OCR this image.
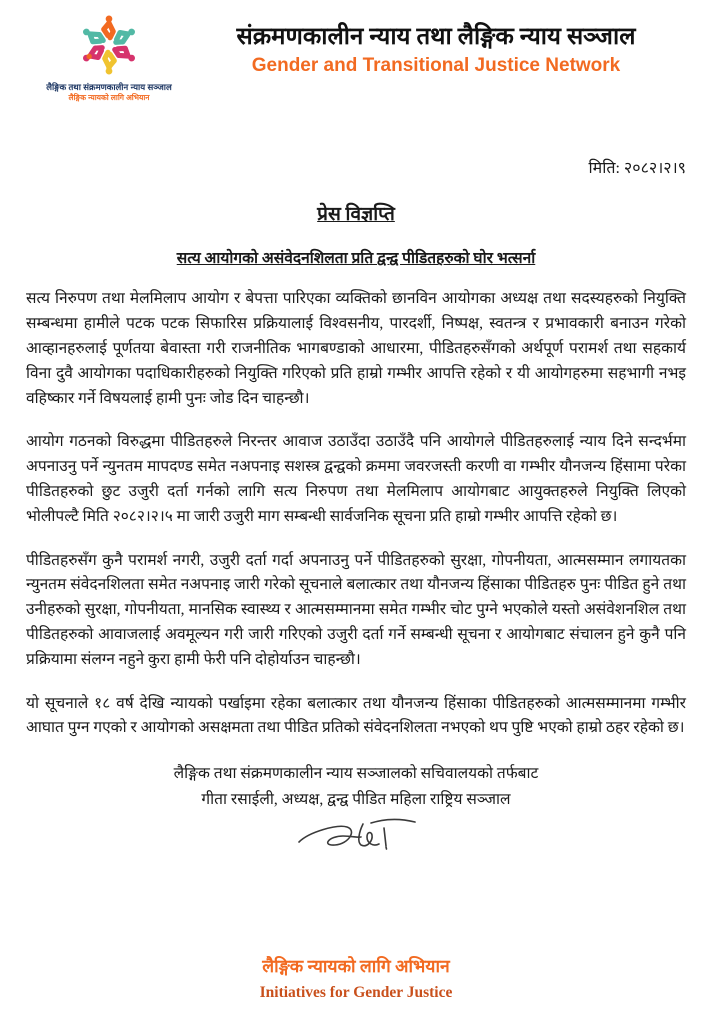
लैङ्गिक तथा संक्रमणकालीन न्याय सञ्जाल
लैङ्गिक न्यायको लागि अभियान
संक्रमणकालीन न्याय तथा लैङ्गिक न्याय सञ्जाल
Gender and Transitional Justice Network
मिति: २०८२।२।९
प्रेस विज्ञप्ति
सत्य आयोगको असंवेदनशिलता प्रति द्वन्द्व पीडितहरुको घोर भत्सर्ना

सत्य निरुपण तथा मेलमिलाप आयोग र बेपत्ता पारिएका व्यक्तिको छानविन आयोगका अध्यक्ष तथा सदस्यहरुको नियुक्ति सम्बन्धमा हामीले पटक पटक सिफारिस प्रक्रियालाई विश्वसनीय, पारदर्शी, निष्पक्ष, स्वतन्त्र र प्रभावकारी बनाउन गरेको आव्हानहरुलाई पूर्णतया बेवास्ता गरी राजनीतिक भागबण्डाको आधारमा, पीडितहरुसँगको अर्थपूर्ण परामर्श तथा सहकार्य विना दुवै आयोगका पदाधिकारीहरुको नियुक्ति गरिएको प्रति हाम्रो गम्भीर आपत्ति रहेको र यी आयोगहरुमा सहभागी नभइ वहिष्कार गर्ने विषयलाई हामी पुनः जोड दिन चाहन्छौ।

आयोग गठनको विरुद्धमा पीडितहरुले निरन्तर आवाज उठाउँदा उठाउँदै पनि आयोगले पीडितहरुलाई न्याय दिने सन्दर्भमा अपनाउनु पर्ने न्युनतम मापदण्ड समेत नअपनाइ सशस्त्र द्वन्द्वको क्रममा जवरजस्ती करणी वा गम्भीर यौनजन्य हिंसामा परेका पीडितहरुको छुट उजुरी दर्ता गर्नको लागि सत्य निरुपण तथा मेलमिलाप आयोगबाट आयुक्तहरुले नियुक्ति लिएको भोलीपल्टै मिति २०८२।२।५ मा जारी उजुरी माग सम्बन्धी सार्वजनिक सूचना प्रति हाम्रो गम्भीर आपत्ति रहेको छ।

पीडितहरुसँग कुनै परामर्श नगरी, उजुरी दर्ता गर्दा अपनाउनु पर्ने पीडितहरुको सुरक्षा, गोपनीयता, आत्मसम्मान लगायतका न्युनतम संवेदनशिलता समेत नअपनाइ जारी गरेको सूचनाले बलात्कार तथा यौनजन्य हिंसाका पीडितहरु पुनः पीडित हुने तथा उनीहरुको सुरक्षा, गोपनीयता, मानसिक स्वास्थ्य र आत्मसम्मानमा समेत गम्भीर चोट पुग्ने भएकोले यस्तो असंवेशनशिल तथा पीडितहरुको आवाजलाई अवमूल्यन गरी जारी गरिएको उजुरी दर्ता गर्ने सम्बन्धी सूचना र आयोगबाट संचालन हुने कुनै पनि प्रक्रियामा संलग्न नहुने कुरा हामी फेरी पनि दोहोर्याउन चाहन्छौ।

यो सूचनाले १८ वर्ष देखि न्यायको पर्खाइमा रहेका बलात्कार तथा यौनजन्य हिंसाका पीडितहरुको आत्मसम्मानमा गम्भीर आघात पुग्न गएको र आयोगको असक्षमता तथा पीडित प्रतिको संवेदनशिलता नभएको थप पुष्टि भएको हाम्रो ठहर रहेको छ।

लैङ्गिक तथा संक्रमणकालीन न्याय सञ्जालको सचिवालयको तर्फबाट
गीता रसाईली, अध्यक्ष, द्वन्द्व पीडित महिला राष्ट्रिय सञ्जाल
लैङ्गिक न्यायको लागि अभियान
Initiatives for Gender Justice
